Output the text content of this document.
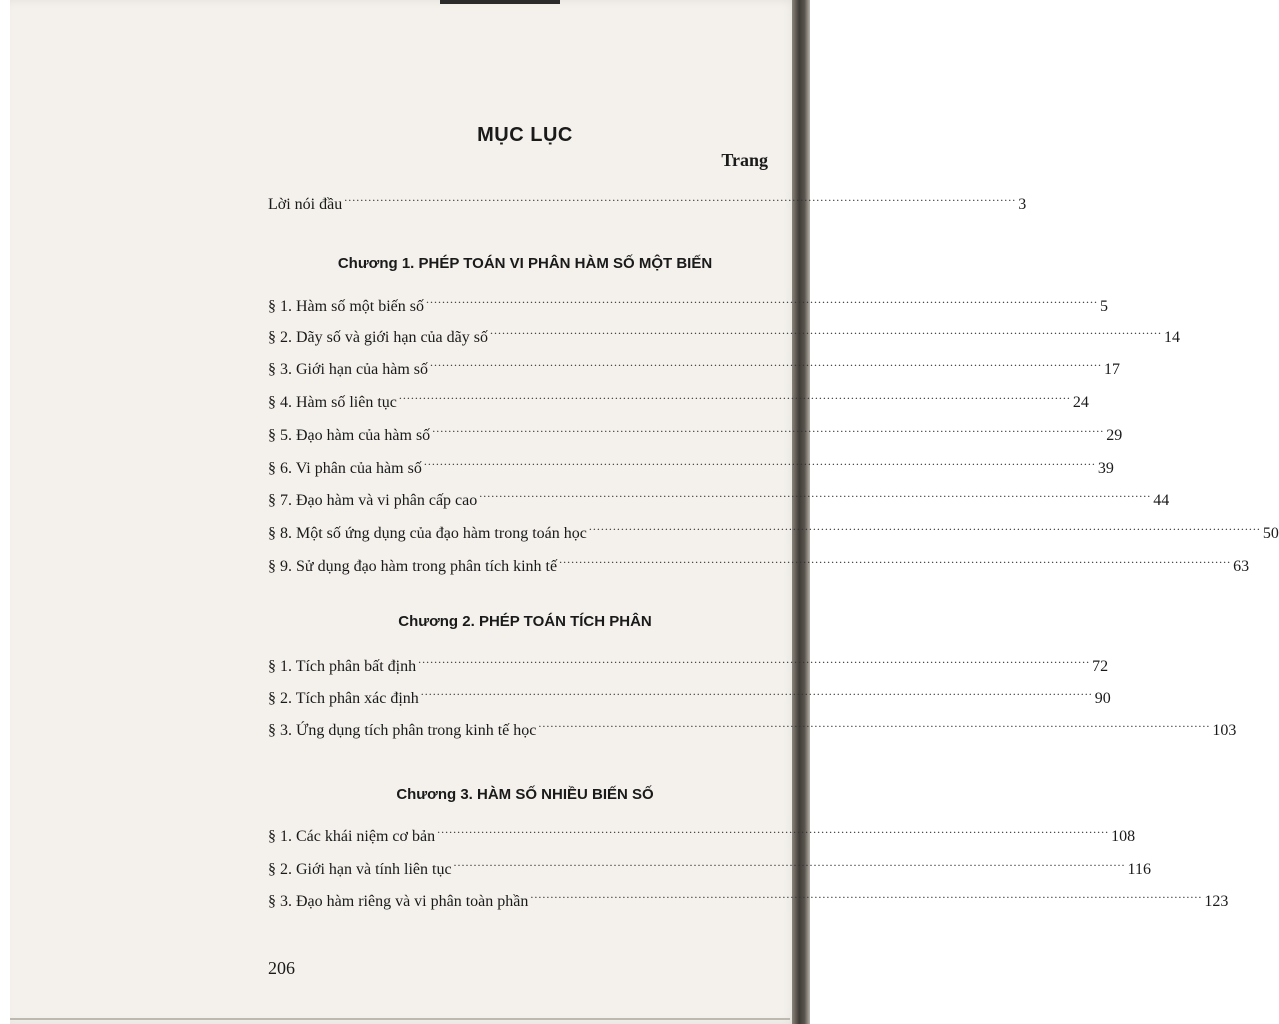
MỤC LỤC
Trang
Lời nói đầu ........................................................................................................................................................................ 3
Chương 1. PHÉP TOÁN VI PHÂN HÀM SỐ MỘT BIẾN
§ 1. Hàm số một biến số ........................................................................................................................................................................ 5
§ 2. Dãy số và giới hạn của dãy số ........................................................................................................................................................................ 14
§ 3. Giới hạn của hàm số ........................................................................................................................................................................ 17
§ 4. Hàm số liên tục ........................................................................................................................................................................ 24
§ 5. Đạo hàm của hàm số ........................................................................................................................................................................ 29
§ 6. Vi phân của hàm số ........................................................................................................................................................................ 39
§ 7. Đạo hàm và vi phân cấp cao ........................................................................................................................................................................ 44
§ 8. Một số ứng dụng của đạo hàm trong toán học ........................................................................................................................................................................ 50
§ 9. Sử dụng đạo hàm trong phân tích kinh tế ........................................................................................................................................................................ 63
Chương 2. PHÉP TOÁN TÍCH PHÂN
§ 1. Tích phân bất định ........................................................................................................................................................................ 72
§ 2. Tích phân xác định ........................................................................................................................................................................ 90
§ 3. Ứng dụng tích phân trong kinh tế học ........................................................................................................................................................................ 103
Chương 3. HÀM SỐ NHIỀU BIẾN SỐ
§ 1. Các khái niệm cơ bản ........................................................................................................................................................................ 108
§ 2. Giới hạn và tính liên tục ........................................................................................................................................................................ 116
§ 3. Đạo hàm riêng và vi phân toàn phần ........................................................................................................................................................................ 123
206
